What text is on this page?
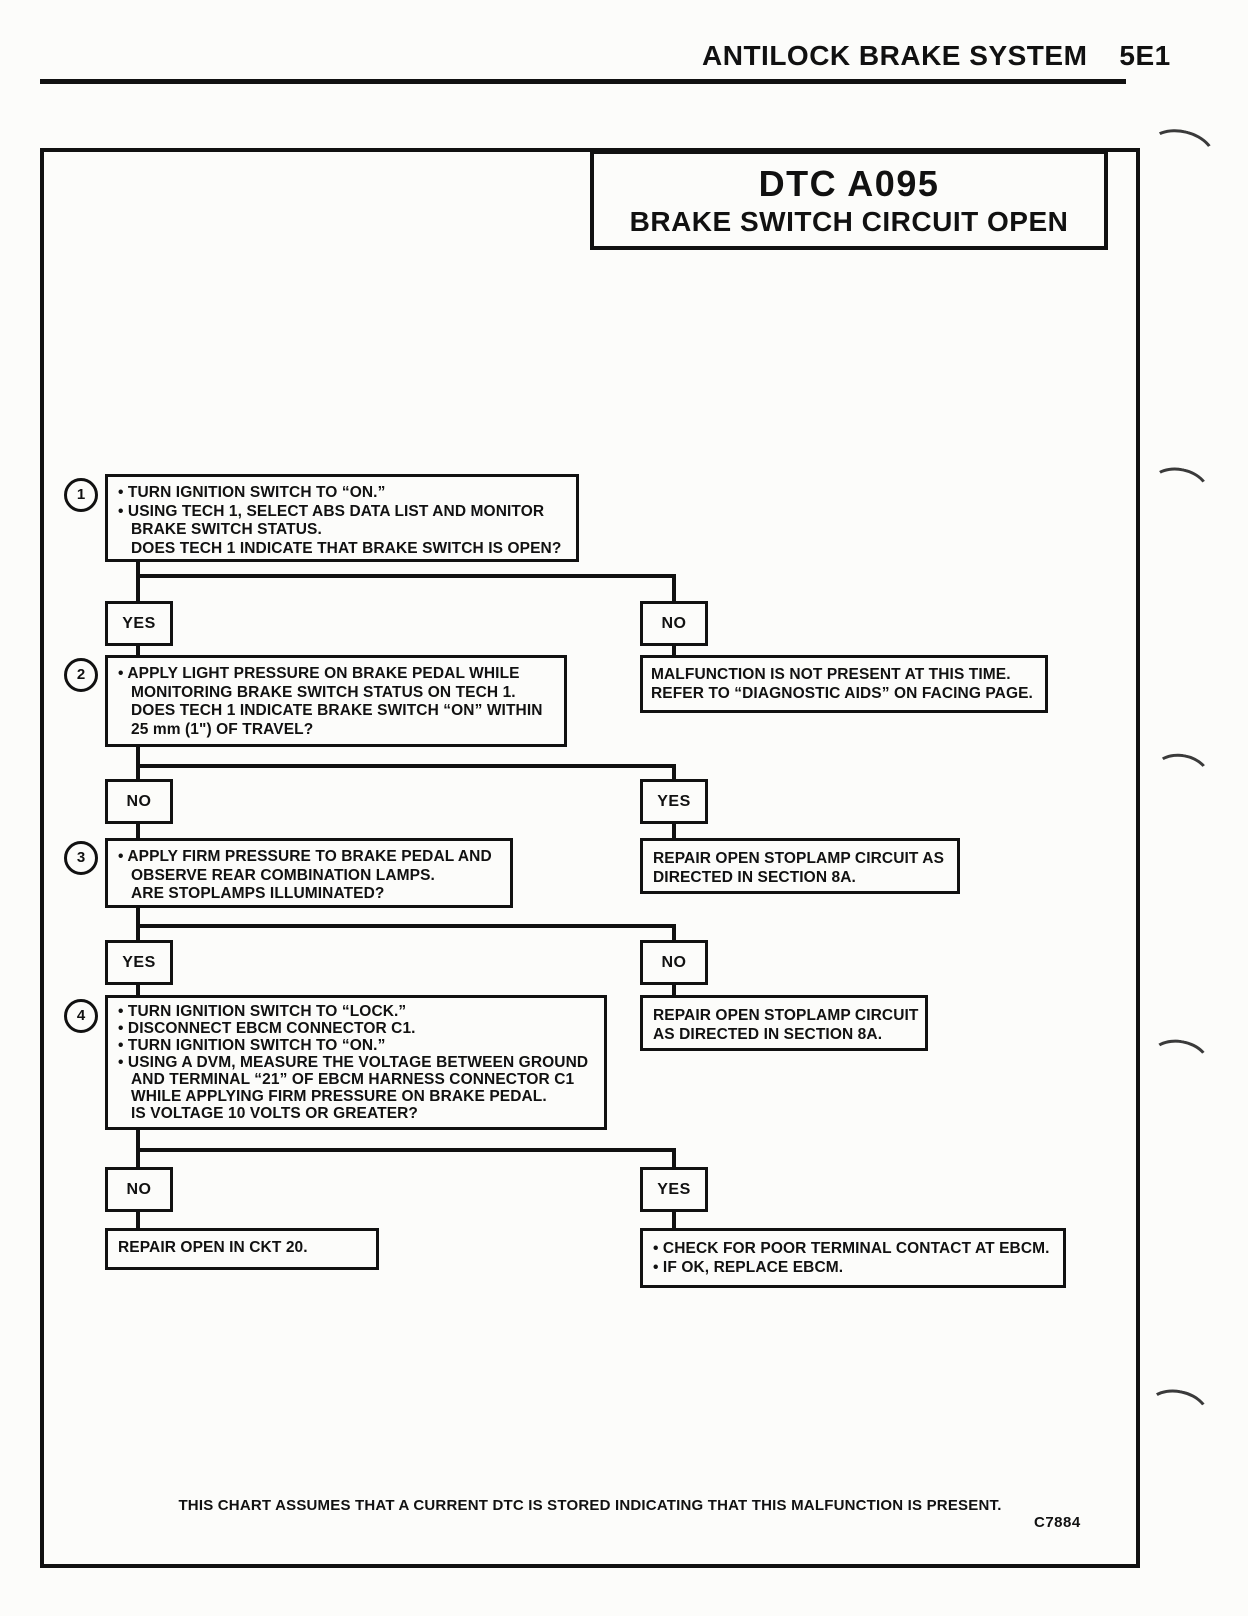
ANTILOCK BRAKE SYSTEM 5E1
DTC A095
BRAKE SWITCH CIRCUIT OPEN
1	• TURN IGNITION SWITCH TO “ON.”
• USING TECH 1, SELECT ABS DATA LIST AND MONITOR
BRAKE SWITCH STATUS.
DOES TECH 1 INDICATE THAT BRAKE SWITCH IS OPEN?
YES	NO
2	• APPLY LIGHT PRESSURE ON BRAKE PEDAL WHILE
MONITORING BRAKE SWITCH STATUS ON TECH 1.
DOES TECH 1 INDICATE BRAKE SWITCH “ON” WITHIN
25 mm (1") OF TRAVEL?
MALFUNCTION IS NOT PRESENT AT THIS TIME.
REFER TO “DIAGNOSTIC AIDS” ON FACING PAGE.
NO	YES
3	• APPLY FIRM PRESSURE TO BRAKE PEDAL AND
OBSERVE REAR COMBINATION LAMPS.
ARE STOPLAMPS ILLUMINATED?
REPAIR OPEN STOPLAMP CIRCUIT AS
DIRECTED IN SECTION 8A.
YES	NO
4	• TURN IGNITION SWITCH TO “LOCK.”
• DISCONNECT EBCM CONNECTOR C1.
• TURN IGNITION SWITCH TO “ON.”
• USING A DVM, MEASURE THE VOLTAGE BETWEEN GROUND
AND TERMINAL “21” OF EBCM HARNESS CONNECTOR C1
WHILE APPLYING FIRM PRESSURE ON BRAKE PEDAL.
IS VOLTAGE 10 VOLTS OR GREATER?
REPAIR OPEN STOPLAMP CIRCUIT
AS DIRECTED IN SECTION 8A.
NO	YES
REPAIR OPEN IN CKT 20.	• CHECK FOR POOR TERMINAL CONTACT AT EBCM.
• IF OK, REPLACE EBCM.
THIS CHART ASSUMES THAT A CURRENT DTC IS STORED INDICATING THAT THIS MALFUNCTION IS PRESENT.
C7884
